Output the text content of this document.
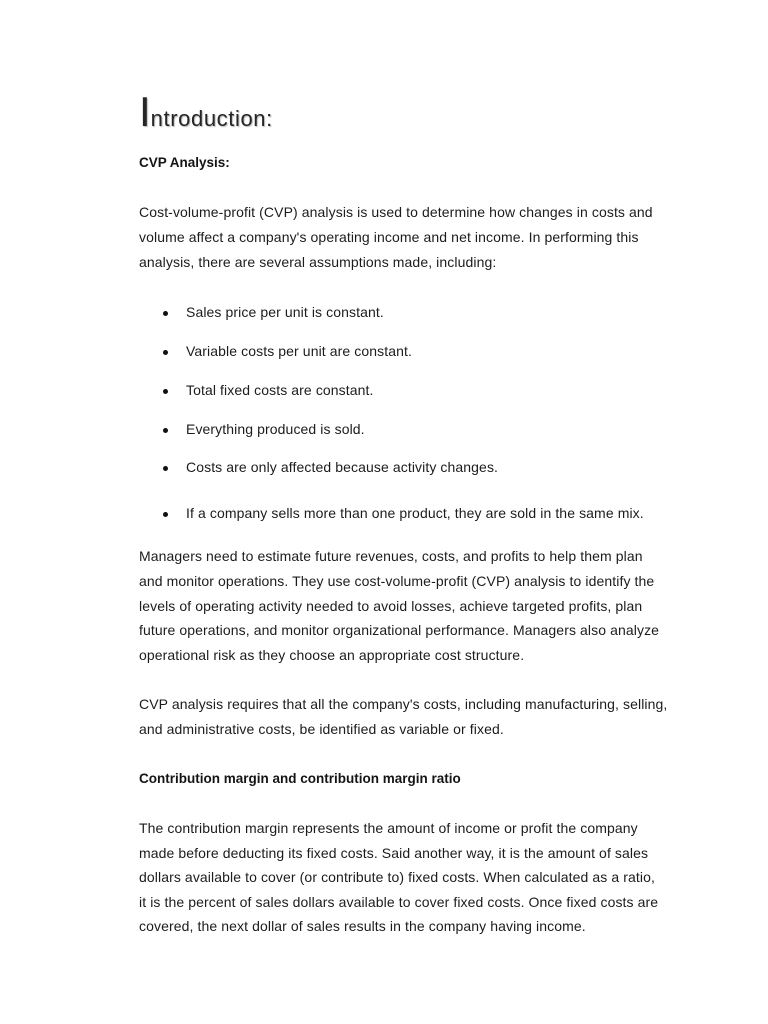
Introduction:
CVP Analysis:
Cost-volume-profit (CVP) analysis is used to determine how changes in costs and
volume affect a company's operating income and net income. In performing this
analysis, there are several assumptions made, including:
Sales price per unit is constant.
Variable costs per unit are constant.
Total fixed costs are constant.
Everything produced is sold.
Costs are only affected because activity changes.
If a company sells more than one product, they are sold in the same mix.
Managers need to estimate future revenues, costs, and profits to help them plan
and monitor operations. They use cost-volume-profit (CVP) analysis to identify the
levels of operating activity needed to avoid losses, achieve targeted profits, plan
future operations, and monitor organizational performance. Managers also analyze
operational risk as they choose an appropriate cost structure.
CVP analysis requires that all the company's costs, including manufacturing, selling,
and administrative costs, be identified as variable or fixed.
Contribution margin and contribution margin ratio
The contribution margin represents the amount of income or profit the company
made before deducting its fixed costs. Said another way, it is the amount of sales
dollars available to cover (or contribute to) fixed costs. When calculated as a ratio,
it is the percent of sales dollars available to cover fixed costs. Once fixed costs are
covered, the next dollar of sales results in the company having income.
